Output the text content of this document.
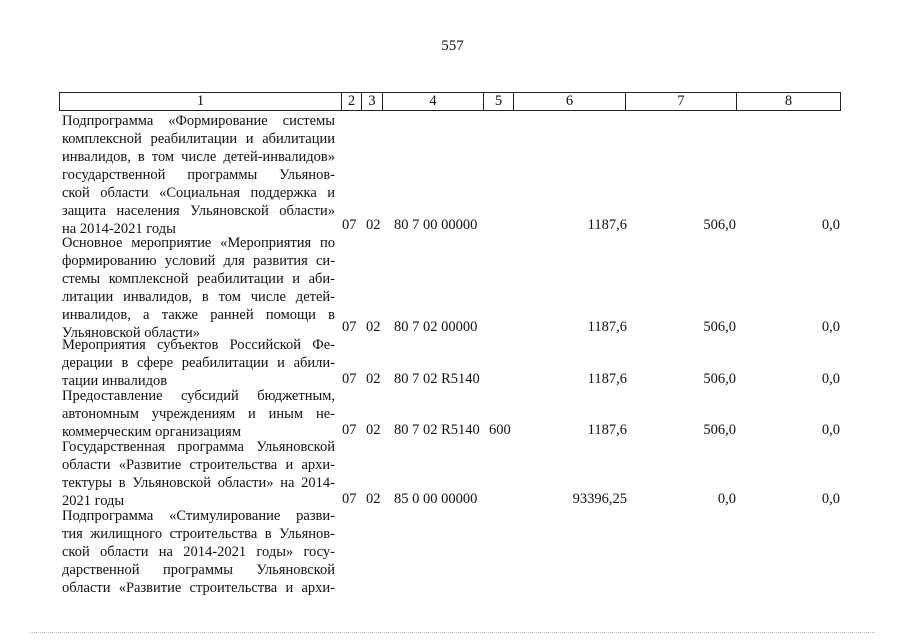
557
1	2	3	4	5	6	7	8
Подпрограмма «Формирование системы
комплексной реабилитации и абилитации
инвалидов, в том числе детей-инвалидов»
государственной программы Ульянов-
ской области «Социальная поддержка и
защита населения Ульяновской области»
на 2014-2021 годы	07 02 80 7 00 00000	1187,6	506,0	0,0
Основное мероприятие «Мероприятия по
формированию условий для развития си-
стемы комплексной реабилитации и аби-
литации инвалидов, в том числе детей-
инвалидов, а также ранней помощи в
Ульяновской области»	07 02 80 7 02 00000	1187,6	506,0	0,0
Мероприятия субъектов Российской Фе-
дерации в сфере реабилитации и абили-
тации инвалидов	07 02 80 7 02 R5140	1187,6	506,0	0,0
Предоставление субсидий бюджетным,
автономным учреждениям и иным не-
коммерческим организациям	07 02 80 7 02 R5140 600	1187,6	506,0	0,0
Государственная программа Ульяновской
области «Развитие строительства и архи-
тектуры в Ульяновской области» на 2014-
2021 годы	07 02 85 0 00 00000	93396,25	0,0	0,0
Подпрограмма «Стимулирование разви-
тия жилищного строительства в Ульянов-
ской области на 2014-2021 годы» госу-
дарственной программы Ульяновской
области «Развитие строительства и архи-
